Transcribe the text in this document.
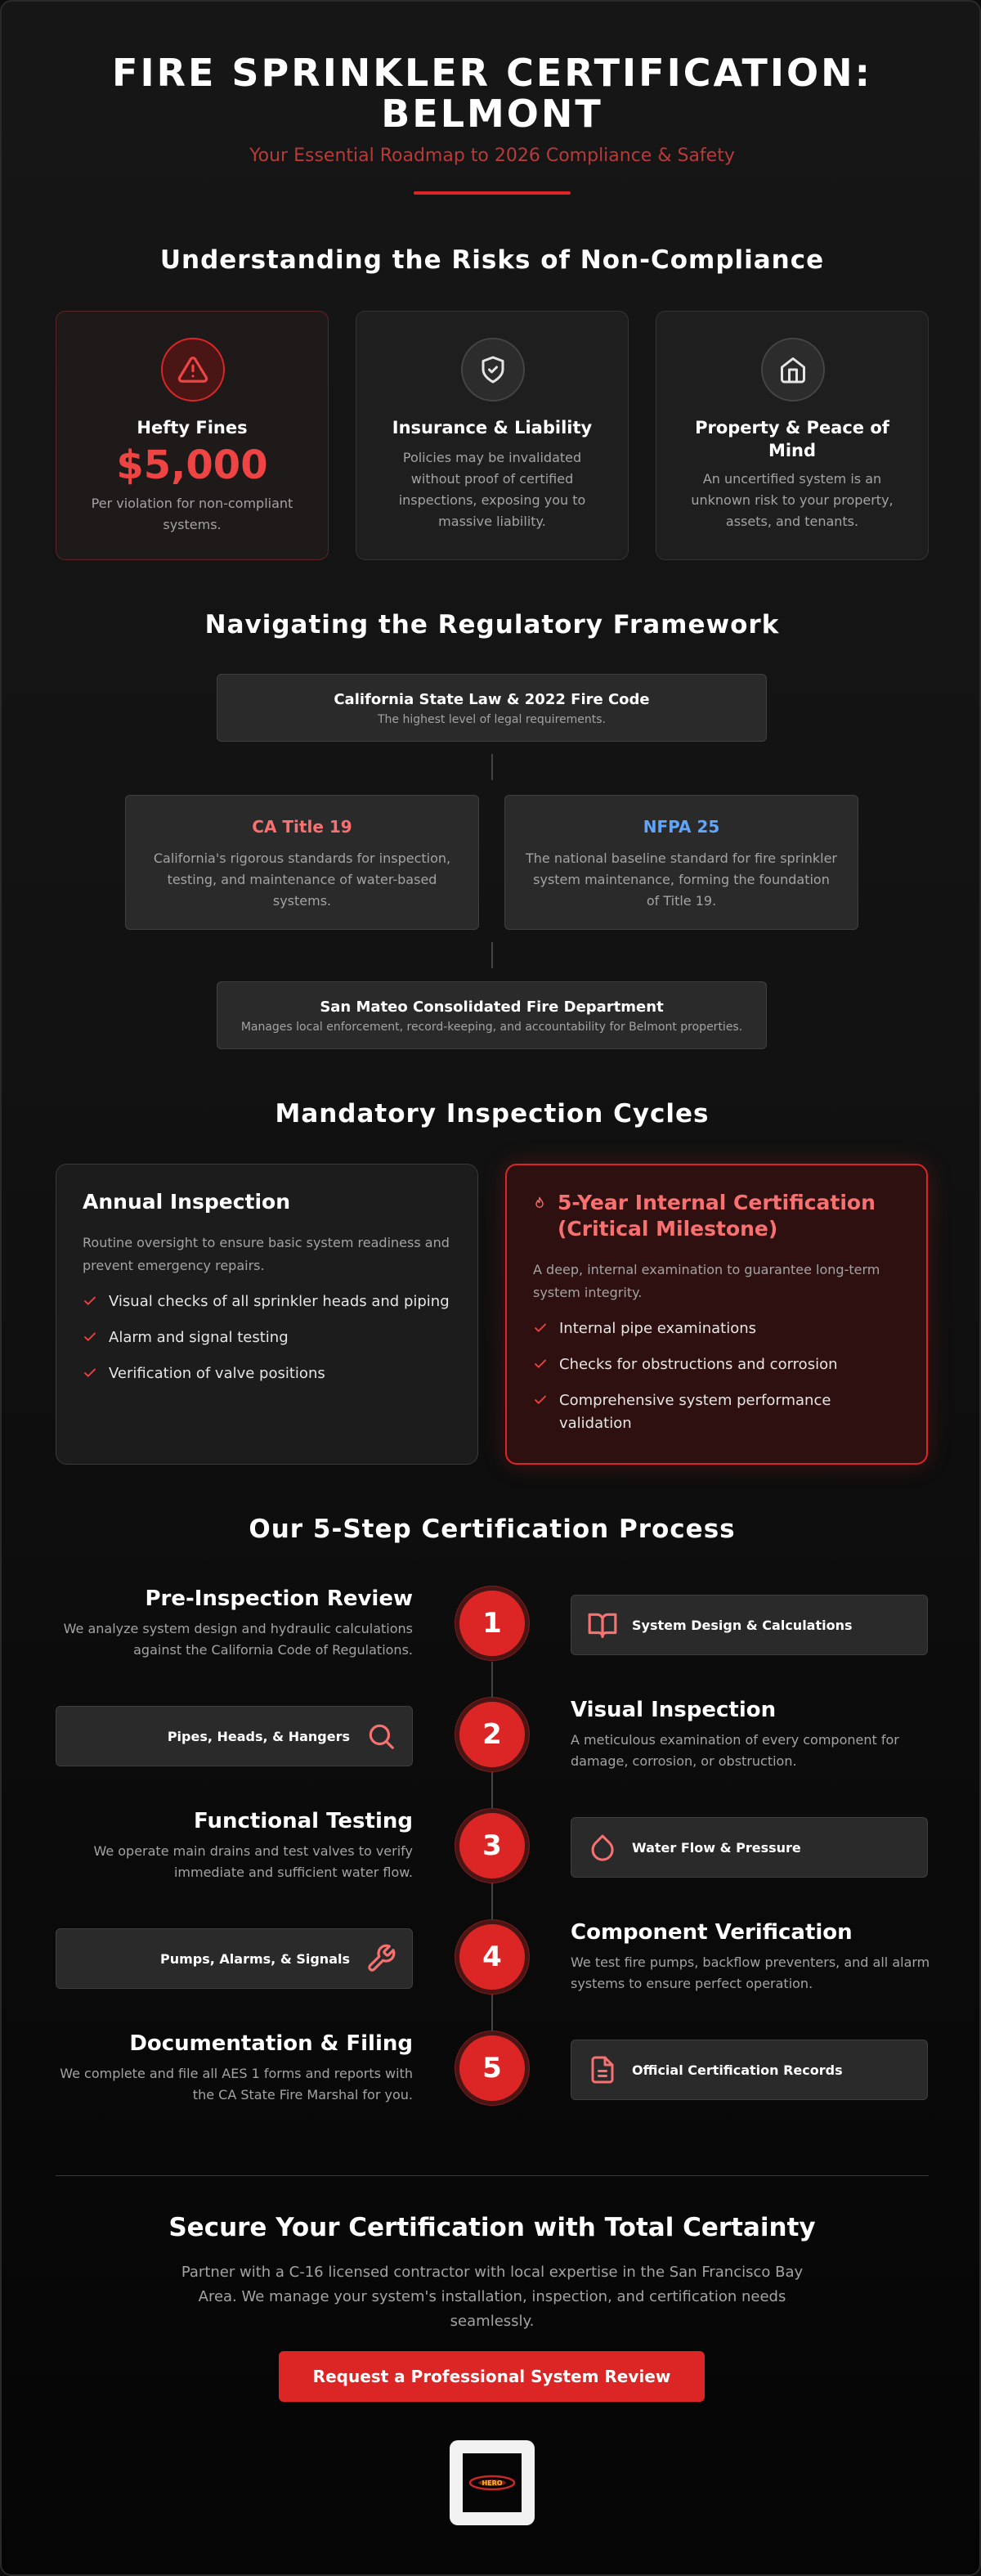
FIRE SPRINKLER CERTIFICATION:
BELMONT
Your Essential Roadmap to 2026 Compliance & Safety
Understanding the Risks of Non-Compliance
Hefty Fines
$5,000
Per violation for non-compliant systems.
Insurance & Liability
Policies may be invalidated without proof of certified inspections, exposing you to massive liability.
Property & Peace of Mind
An uncertified system is an unknown risk to your property, assets, and tenants.
Navigating the Regulatory Framework
California State Law & 2022 Fire Code
The highest level of legal requirements.
CA Title 19
California's rigorous standards for inspection, testing, and maintenance of water-based systems.
NFPA 25
The national baseline standard for fire sprinkler system maintenance, forming the foundation of Title 19.
San Mateo Consolidated Fire Department
Manages local enforcement, record-keeping, and accountability for Belmont properties.
Mandatory Inspection Cycles
Annual Inspection
Routine oversight to ensure basic system readiness and prevent emergency repairs.
Visual checks of all sprinkler heads and piping
Alarm and signal testing
Verification of valve positions
5-Year Internal Certification (Critical Milestone)
A deep, internal examination to guarantee long-term system integrity.
Internal pipe examinations
Checks for obstructions and corrosion
Comprehensive system performance validation
Our 5-Step Certification Process
Pre-Inspection Review
We analyze system design and hydraulic calculations against the California Code of Regulations.
1	System Design & Calculations
Pipes, Heads, & Hangers	2
Visual Inspection
A meticulous examination of every component for damage, corrosion, or obstruction.
Functional Testing
We operate main drains and test valves to verify immediate and sufficient water flow.
3	Water Flow & Pressure
Pumps, Alarms, & Signals	4
Component Verification
We test fire pumps, backflow preventers, and all alarm systems to ensure perfect operation.
Documentation & Filing
We complete and file all AES 1 forms and reports with the CA State Fire Marshal for you.
5	Official Certification Records
Secure Your Certification with Total Certainty
Partner with a C-16 licensed contractor with local expertise in the San Francisco Bay Area. We manage your system's installation, inspection, and certification needs seamlessly.
Request a Professional System Review
HERO
